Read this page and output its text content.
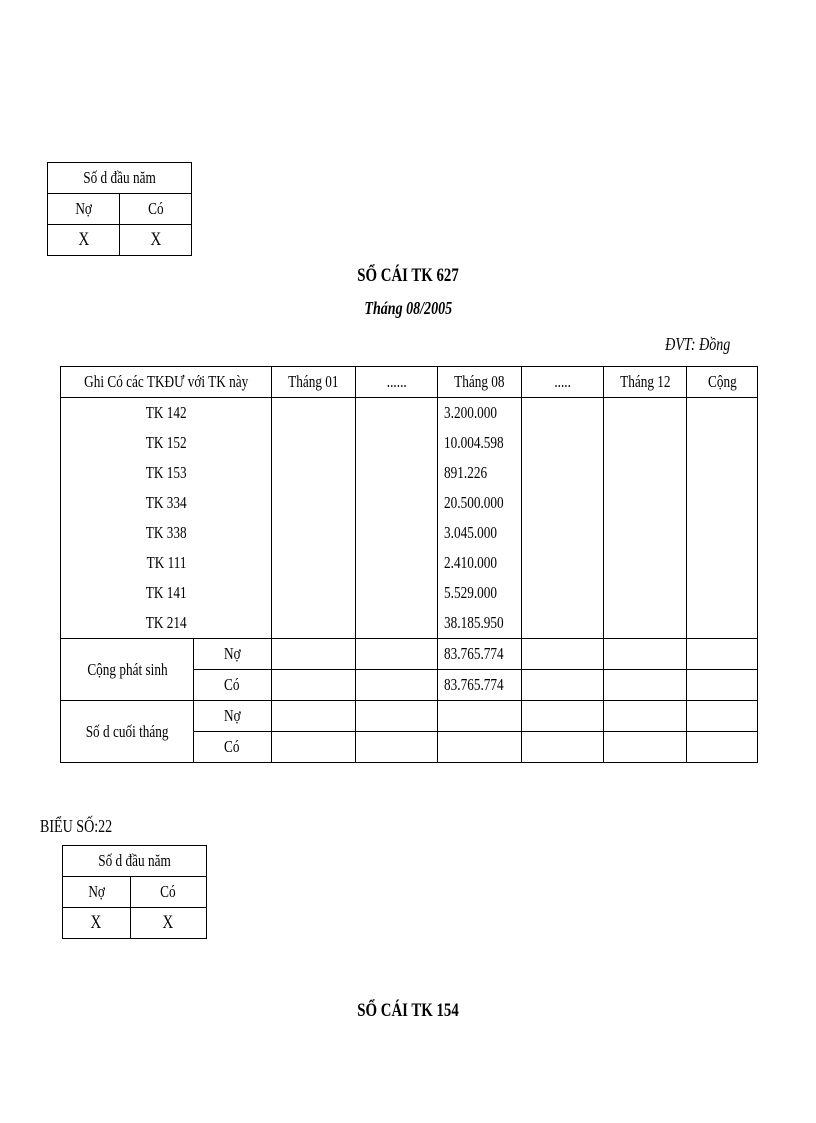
Số d đầu năm	
Nợ	Có
X	X
SỔ CÁI TK 627
Tháng 08/2005
ĐVT: Đồng
Ghi Có các TKĐƯ với TK này		Tháng 01	......	Tháng 08	.....	Tháng 12	Cộng
TK 142				3.200.000			
TK 152				10.004.598			
TK 153				891.226			
TK 334				20.500.000			
TK 338				3.045.000			
TK 111				2.410.000			
TK 141				5.529.000			
TK 214				38.185.950			
Cộng phát sinh	Nợ			83.765.774			
	Có			83.765.774			
Số d cuối tháng	Nợ						
	Có						
BIỂU SỐ:22
Số d đầu năm	
Nợ	Có
X	X
SỔ CÁI TK 154
